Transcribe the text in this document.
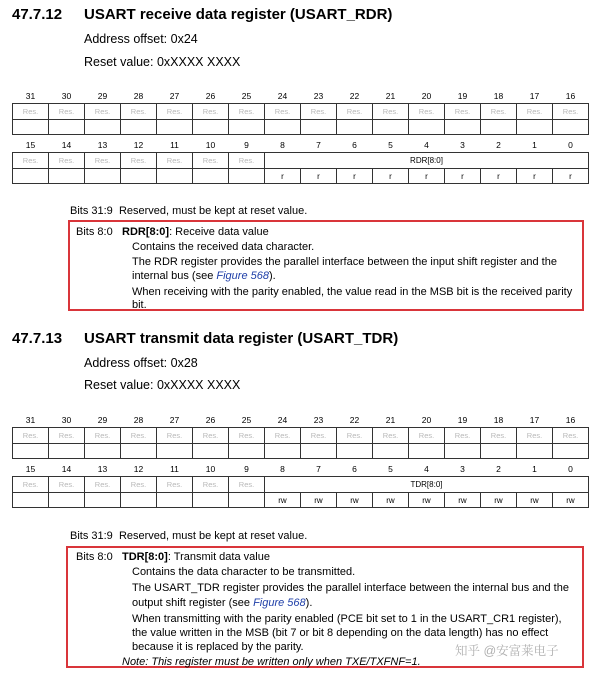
47.7.12 USART receive data register (USART_RDR)
Address offset: 0x24
Reset value: 0xXXXX XXXX
31	30	29	28	27	26	25	24	23	22	21	20	19	18	17	16
Res.	Res.	Res.	Res.	Res.	Res.	Res.	Res.	Res.	Res.	Res.	Res.	Res.	Res.	Res.	Res.

15	14	13	12	11	10	9	8	7	6	5	4	3	2	1	0
Res.	Res.	Res.	Res.	Res.	Res.	Res.	RDR[8:0]								
							r	r	r	r	r	r	r	r	r
Bits 31:9 Reserved, must be kept at reset value.
Bits 8:0 RDR[8:0]: Receive data value
Contains the received data character.
The RDR register provides the parallel interface between the input shift register and the
internal bus (see Figure 568).
When receiving with the parity enabled, the value read in the MSB bit is the received parity
bit.
47.7.13 USART transmit data register (USART_TDR)
Address offset: 0x28
Reset value: 0xXXXX XXXX
31	30	29	28	27	26	25	24	23	22	21	20	19	18	17	16
Res.	Res.	Res.	Res.	Res.	Res.	Res.	Res.	Res.	Res.	Res.	Res.	Res.	Res.	Res.	Res.

15	14	13	12	11	10	9	8	7	6	5	4	3	2	1	0
Res.	Res.	Res.	Res.	Res.	Res.	Res.	TDR[8:0]								
							rw	rw	rw	rw	rw	rw	rw	rw	rw
Bits 31:9 Reserved, must be kept at reset value.
Bits 8:0 TDR[8:0]: Transmit data value
Contains the data character to be transmitted.
The USART_TDR register provides the parallel interface between the internal bus and the
output shift register (see Figure 568).
When transmitting with the parity enabled (PCE bit set to 1 in the USART_CR1 register),
the value written in the MSB (bit 7 or bit 8 depending on the data length) has no effect
because it is replaced by the parity.
Note: This register must be written only when TXE/TXFNF=1.
知乎 @安富莱电子
